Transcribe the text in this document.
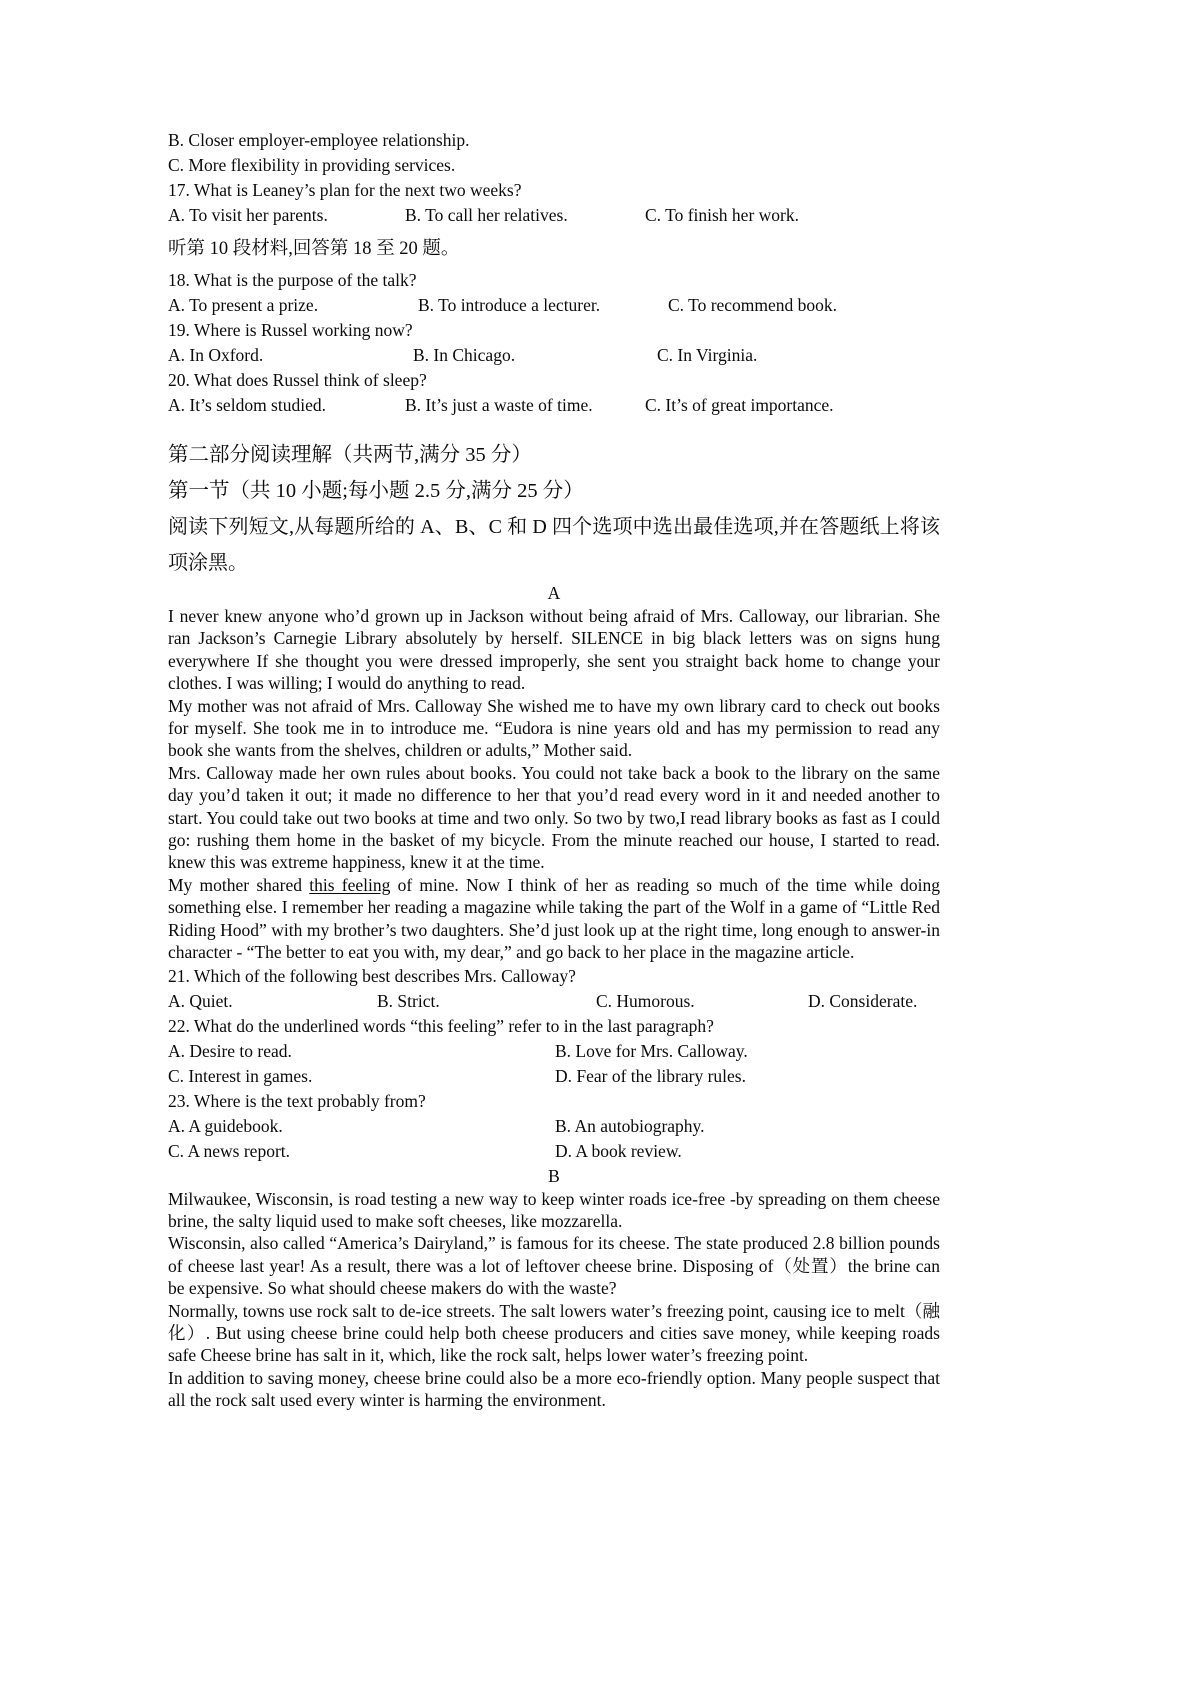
B. Closer employer-employee relationship.

C. More flexibility in providing services.

17. What is Leaney’s plan for the next two weeks?

A. To visit her parents.	B. To call her relatives.	C. To finish her work.

听第 10 段材料,回答第 18 至 20 题。

18. What is the purpose of the talk?

A. To present a prize.	B. To introduce a lecturer.	C. To recommend book.

19. Where is Russel working now?

A. In Oxford.	B. In Chicago.	C. In Virginia.

20. What does Russel think of sleep?

A. It’s seldom studied.	B. It’s just a waste of time.	C. It’s of great importance.

第二部分阅读理解（共两节,满分 35 分）

第一节（共 10 小题;每小题 2.5 分,满分 25 分）

阅读下列短文,从每题所给的 A、B、C 和 D 四个选项中选出最佳选项,并在答题纸上将该项涂黑。

A

I never knew anyone who’d grown up in Jackson without being afraid of Mrs. Calloway, our librarian. She ran Jackson’s Carnegie Library absolutely by herself. SILENCE in big black letters was on signs hung everywhere If she thought you were dressed improperly, she sent you straight back home to change your clothes. I was willing; I would do anything to read.

My mother was not afraid of Mrs. Calloway She wished me to have my own library card to check out books for myself. She took me in to introduce me. “Eudora is nine years old and has my permission to read any book she wants from the shelves, children or adults,” Mother said.

Mrs. Calloway made her own rules about books. You could not take back a book to the library on the same day you’d taken it out; it made no difference to her that you’d read every word in it and needed another to start. You could take out two books at time and two only. So two by two,I read library books as fast as I could go: rushing them home in the basket of my bicycle. From the minute reached our house, I started to read. knew this was extreme happiness, knew it at the time.

My mother shared this feeling of mine. Now I think of her as reading so much of the time while doing something else. I remember her reading a magazine while taking the part of the Wolf in a game of “Little Red Riding Hood” with my brother’s two daughters. She’d just look up at the right time, long enough to answer-in character - “The better to eat you with, my dear,” and go back to her place in the magazine article.

21. Which of the following best describes Mrs. Calloway?

A. Quiet.	B. Strict.	C. Humorous.	D. Considerate.

22. What do the underlined words “this feeling” refer to in the last paragraph?

A. Desire to read.	B. Love for Mrs. Calloway.
C. Interest in games.	D. Fear of the library rules.

23. Where is the text probably from?

A. A guidebook.	B. An autobiography.
C. A news report.	D. A book review.

B

Milwaukee, Wisconsin, is road testing a new way to keep winter roads ice-free -by spreading on them cheese brine, the salty liquid used to make soft cheeses, like mozzarella.

Wisconsin, also called “America’s Dairyland,” is famous for its cheese. The state produced 2.8 billion pounds of cheese last year! As a result, there was a lot of leftover cheese brine. Disposing of（处置）the brine can be expensive. So what should cheese makers do with the waste?

Normally, towns use rock salt to de-ice streets. The salt lowers water’s freezing point, causing ice to melt（融化）. But using cheese brine could help both cheese producers and cities save money, while keeping roads safe Cheese brine has salt in it, which, like the rock salt, helps lower water’s freezing point.

In addition to saving money, cheese brine could also be a more eco-friendly option. Many people suspect that all the rock salt used every winter is harming the environment.
